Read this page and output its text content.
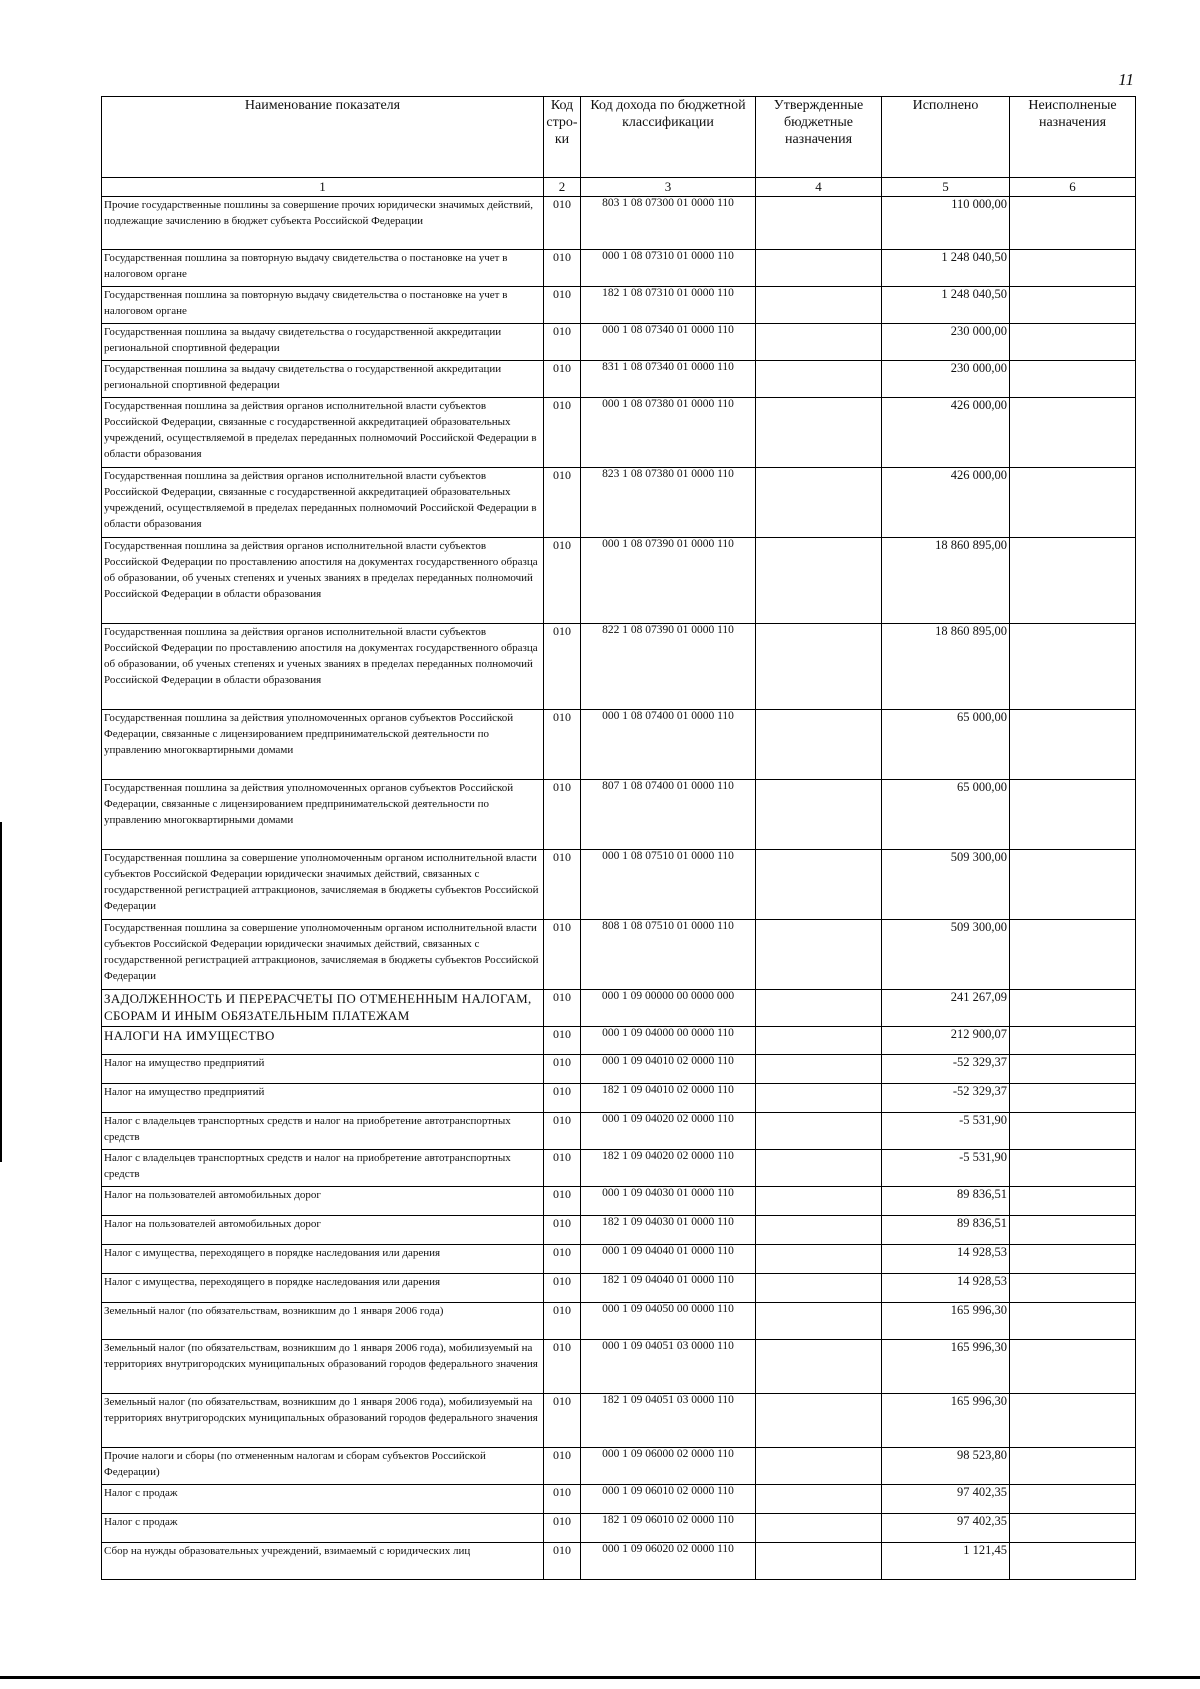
11
Наименование показателя	Код стро-ки	Код дохода по бюджетной классификации	Утвержденные бюджетные назначения	Исполнено	Неисполненые назначения
1	2	3	4	5	6
Прочие государственные пошлины за совершение прочих юридически значимых действий, подлежащие зачислению в бюджет субъекта Российской Федерации	010	803 1 08 07300 01 0000 110		110 000,00	
Государственная пошлина за повторную выдачу свидетельства о постановке на учет в налоговом органе	010	000 1 08 07310 01 0000 110		1 248 040,50	
Государственная пошлина за повторную выдачу свидетельства о постановке на учет в налоговом органе	010	182 1 08 07310 01 0000 110		1 248 040,50	
Государственная пошлина за выдачу свидетельства о государственной аккредитации региональной спортивной федерации	010	000 1 08 07340 01 0000 110		230 000,00	
Государственная пошлина за выдачу свидетельства о государственной аккредитации региональной спортивной федерации	010	831 1 08 07340 01 0000 110		230 000,00	
Государственная пошлина за действия органов исполнительной власти субъектов Российской Федерации, связанные с государственной аккредитацией образовательных учреждений, осуществляемой в пределах переданных полномочий Российской Федерации в области образования	010	000 1 08 07380 01 0000 110		426 000,00	
Государственная пошлина за действия органов исполнительной власти субъектов Российской Федерации, связанные с государственной аккредитацией образовательных учреждений, осуществляемой в пределах переданных полномочий Российской Федерации в области образования	010	823 1 08 07380 01 0000 110		426 000,00	
Государственная пошлина за действия органов исполнительной власти субъектов Российской Федерации по проставлению апостиля на документах государственного образца об образовании, об ученых степенях и ученых званиях в пределах переданных полномочий Российской Федерации в области образования	010	000 1 08 07390 01 0000 110		18 860 895,00	
Государственная пошлина за действия органов исполнительной власти субъектов Российской Федерации по проставлению апостиля на документах государственного образца об образовании, об ученых степенях и ученых званиях в пределах переданных полномочий Российской Федерации в области образования	010	822 1 08 07390 01 0000 110		18 860 895,00	
Государственная пошлина за действия уполномоченных органов субъектов Российской Федерации, связанные с лицензированием предпринимательской деятельности по управлению многоквартирными домами	010	000 1 08 07400 01 0000 110		65 000,00	
Государственная пошлина за действия уполномоченных органов субъектов Российской Федерации, связанные с лицензированием предпринимательской деятельности по управлению многоквартирными домами	010	807 1 08 07400 01 0000 110		65 000,00	
Государственная пошлина за совершение уполномоченным органом исполнительной власти субъектов Российской Федерации юридически значимых действий, связанных с государственной регистрацией аттракционов, зачисляемая в бюджеты субъектов Российской Федерации	010	000 1 08 07510 01 0000 110		509 300,00	
Государственная пошлина за совершение уполномоченным органом исполнительной власти субъектов Российской Федерации юридически значимых действий, связанных с государственной регистрацией аттракционов, зачисляемая в бюджеты субъектов Российской Федерации	010	808 1 08 07510 01 0000 110		509 300,00	
ЗАДОЛЖЕННОСТЬ И ПЕРЕРАСЧЕТЫ ПО ОТМЕНЕННЫМ НАЛОГАМ, СБОРАМ И ИНЫМ ОБЯЗАТЕЛЬНЫМ ПЛАТЕЖАМ	010	000 1 09 00000 00 0000 000		241 267,09	
НАЛОГИ НА ИМУЩЕСТВО	010	000 1 09 04000 00 0000 110		212 900,07	
Налог на имущество предприятий	010	000 1 09 04010 02 0000 110		-52 329,37	
Налог на имущество предприятий	010	182 1 09 04010 02 0000 110		-52 329,37	
Налог с владельцев транспортных средств и налог на приобретение автотранспортных средств	010	000 1 09 04020 02 0000 110		-5 531,90	
Налог с владельцев транспортных средств и налог на приобретение автотранспортных средств	010	182 1 09 04020 02 0000 110		-5 531,90	
Налог на пользователей автомобильных дорог	010	000 1 09 04030 01 0000 110		89 836,51	
Налог на пользователей автомобильных дорог	010	182 1 09 04030 01 0000 110		89 836,51	
Налог с имущества, переходящего в порядке наследования или дарения	010	000 1 09 04040 01 0000 110		14 928,53	
Налог с имущества, переходящего в порядке наследования или дарения	010	182 1 09 04040 01 0000 110		14 928,53	
Земельный налог (по обязательствам, возникшим до 1 января 2006 года)	010	000 1 09 04050 00 0000 110		165 996,30	
Земельный налог (по обязательствам, возникшим до 1 января 2006 года), мобилизуемый на территориях внутригородских муниципальных образований городов федерального значения	010	000 1 09 04051 03 0000 110		165 996,30	
Земельный налог (по обязательствам, возникшим до 1 января 2006 года), мобилизуемый на территориях внутригородских муниципальных образований городов федерального значения	010	182 1 09 04051 03 0000 110		165 996,30	
Прочие налоги и сборы (по отмененным налогам и сборам субъектов Российской Федерации)	010	000 1 09 06000 02 0000 110		98 523,80	
Налог с продаж	010	000 1 09 06010 02 0000 110		97 402,35	
Налог с продаж	010	182 1 09 06010 02 0000 110		97 402,35	
Сбор на нужды образовательных учреждений, взимаемый с юридических лиц	010	000 1 09 06020 02 0000 110		1 121,45	
